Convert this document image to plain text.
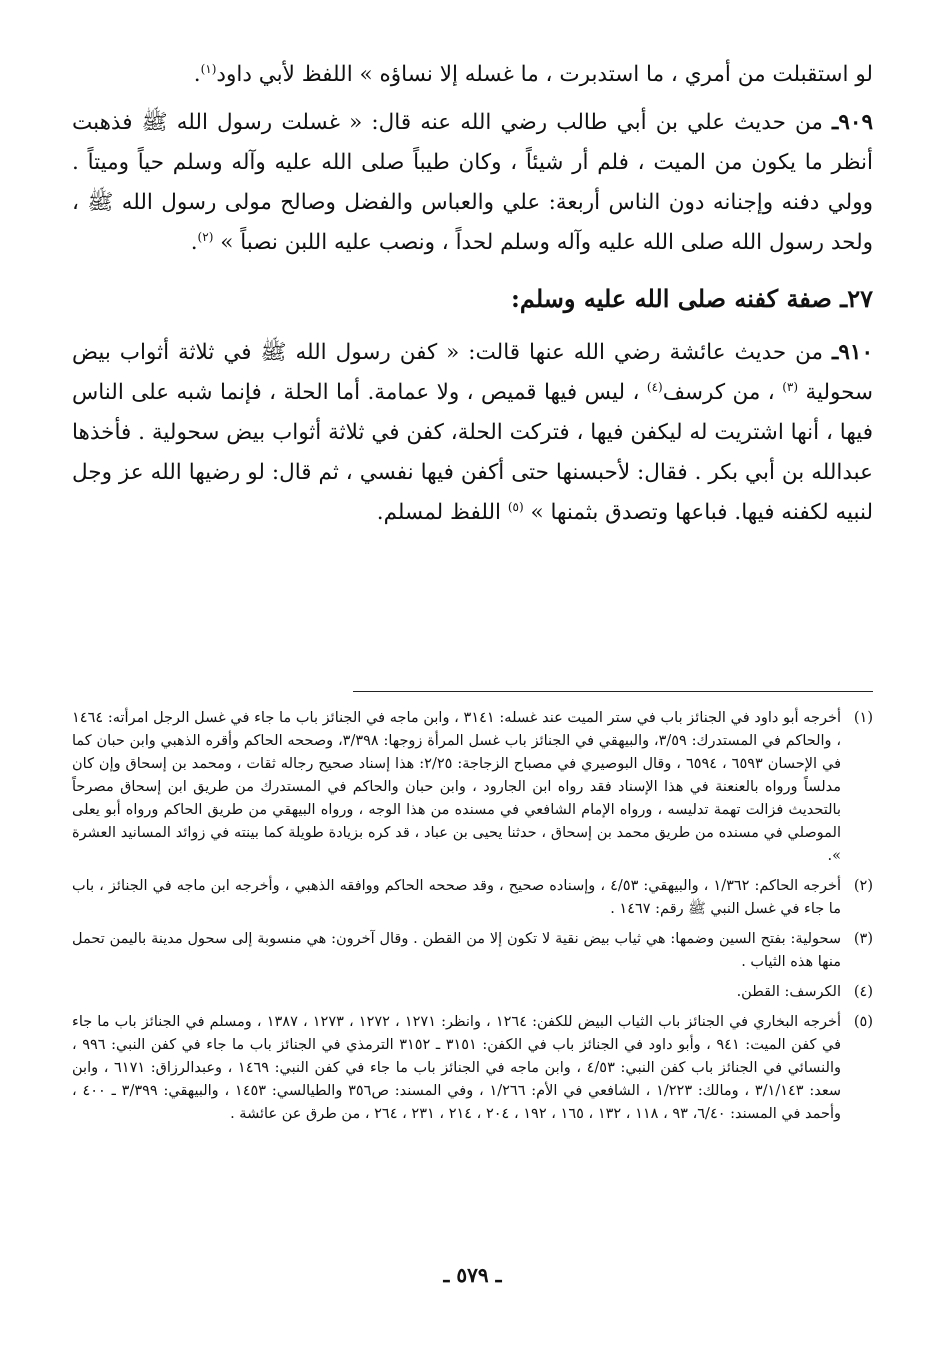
لو استقبلت من أمري ، ما استدبرت ، ما غسله إلا نساؤه » اللفظ لأبي داود$^{(١)}$.

٩٠٩ـ من حديث علي بن أبي طالب رضي الله عنه قال: « غسلت رسول الله ﷺ فذهبت أنظر ما يكون من الميت ، فلم أر شيئاً ، وكان طيباً صلى الله عليه وآله وسلم حياً وميتاً . وولي دفنه وإجنانه دون الناس أربعة: علي والعباس والفضل وصالح مولى رسول الله ﷺ ، ولحد رسول الله صلى الله عليه وآله وسلم لحداً ، ونصب عليه اللبن نصباً » $^{(٢)}$.

٢٧ـ صفة كفنه صلى الله عليه وسلم:

٩١٠ـ من حديث عائشة رضي الله عنها قالت: « كفن رسول الله ﷺ في ثلاثة أثواب بيض سحولية $^{(٣)}$ ، من كرسف$^{(٤)}$ ، ليس فيها قميص ، ولا عمامة. أما الحلة ، فإنما شبه على الناس فيها ، أنها اشتريت له ليكفن فيها ، فتركت الحلة، كفن في ثلاثة أثواب بيض سحولية . فأخذها عبدالله بن أبي بكر . فقال: لأحبسنها حتى أكفن فيها نفسي ، ثم قال: لو رضيها الله عز وجل لنبيه لكفنه فيها. فباعها وتصدق بثمنها » $^{(٥)}$ اللفظ لمسلم.

(١)
أخرجه أبو داود في الجنائز باب في ستر الميت عند غسله: ٣١٤١ ، وابن ماجه في الجنائز باب ما جاء في غسل الرجل امرأته: ١٤٦٤ ، والحاكم في المستدرك: ٣/٥٩، والبيهقي في الجنائز باب غسل المرأة زوجها: ٣/٣٩٨، وصححه الحاكم وأقره الذهبي وابن حبان كما في الإحسان ٦٥٩٣ ، ٦٥٩٤ ، وقال البوصيري في مصباح الزجاجة: ٢/٢٥: هذا إسناد صحيح رجاله ثقات ، ومحمد بن إسحاق وإن كان مدلساً ورواه بالعنعنة في هذا الإسناد فقد رواه ابن الجارود ، وابن حبان والحاكم في المستدرك من طريق ابن إسحاق مصرحاً بالتحديث فزالت تهمة تدليسه ، ورواه الإمام الشافعي في مسنده من هذا الوجه ، ورواه البيهقي من طريق الحاكم ورواه أبو يعلى الموصلي في مسنده من طريق محمد بن إسحاق ، حدثنا يحيى بن عباد ، قد كره بزيادة طويلة كما بينته في زوائد المسانيد العشرة ».
(٢)
أخرجه الحاكم: ١/٣٦٢ ، والبيهقي: ٤/٥٣ ، وإسناده صحيح ، وقد صححه الحاكم ووافقه الذهبي ، وأخرجه ابن ماجه في الجنائز ، باب ما جاء في غسل النبي ﷺ رقم: ١٤٦٧ .
(٣)
سحولية: بفتح السين وضمها: هي ثياب بيض نقية لا تكون إلا من القطن . وقال آخرون: هي منسوبة إلى سحول مدينة باليمن تحمل منها هذه الثياب .
(٤)
الكرسف: القطن.
(٥)
أخرجه البخاري في الجنائز باب الثياب البيض للكفن: ١٢٦٤ ، وانظر: ١٢٧١ ، ١٢٧٢ ، ١٢٧٣ ، ١٣٨٧ ، ومسلم في الجنائز باب ما جاء في كفن الميت: ٩٤١ ، وأبو داود في الجنائز باب في الكفن: ٣١٥١ ـ ٣١٥٢ الترمذي في الجنائز باب ما جاء في كفن النبي: ٩٩٦ ، والنسائي في الجنائز باب كفن النبي: ٤/٥٣ ، وابن ماجه في الجنائز باب ما جاء في كفن النبي: ١٤٦٩ ، وعبدالرزاق: ٦١٧١ ، وابن سعد: ٣/١/١٤٣ ، ومالك: ١/٢٢٣ ، الشافعي في الأم: ١/٢٦٦ ، وفي المسند: ص٣٥٦ والطيالسي: ١٤٥٣ ، والبيهقي: ٣/٣٩٩ ـ ٤٠٠ ، وأحمد في المسند: ٦/٤٠، ٩٣ ، ١١٨ ، ١٣٢ ، ١٦٥ ، ١٩٢ ، ٢٠٤ ، ٢١٤ ، ٢٣١ ، ٢٦٤ ، من طرق عن عائشة .
ـ ٥٧٩ ـ
